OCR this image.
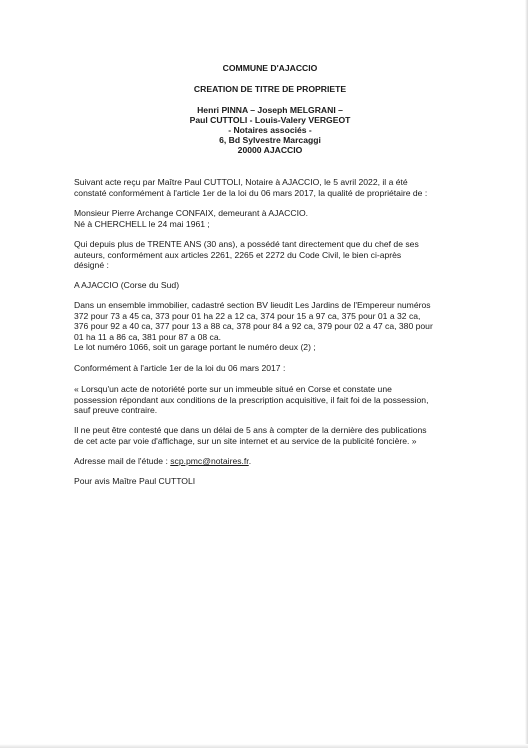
COMMUNE D'AJACCIO
CREATION DE TITRE DE PROPRIETE
Henri PINNA – Joseph MELGRANI –
Paul CUTTOLI - Louis-Valery VERGEOT
- Notaires associés -
6, Bd Sylvestre Marcaggi
20000 AJACCIO
Suivant acte reçu par Maître Paul CUTTOLI, Notaire à AJACCIO, le 5 avril 2022, il a été
constaté conformément à l'article 1er de la loi du 06 mars 2017, la qualité de propriétaire de :
Monsieur Pierre Archange CONFAIX, demeurant à AJACCIO.
Né à CHERCHELL le 24 mai 1961 ;
Qui depuis plus de TRENTE ANS (30 ans), a possédé tant directement que du chef de ses
auteurs, conformément aux articles 2261, 2265 et 2272 du Code Civil, le bien ci-après
désigné :
A AJACCIO (Corse du Sud)
Dans un ensemble immobilier, cadastré section BV lieudit Les Jardins de l'Empereur numéros
372 pour 73 a 45 ca, 373 pour 01 ha 22 a 12 ca, 374 pour 15 a 97 ca, 375 pour 01 a 32 ca,
376 pour 92 a 40 ca, 377 pour 13 a 88 ca, 378 pour 84 a 92 ca, 379 pour 02 a 47 ca, 380 pour
01 ha 11 a 86 ca, 381 pour 87 a 08 ca.
Le lot numéro 1066, soit un garage portant le numéro deux (2) ;
Conformément à l'article 1er de la loi du 06 mars 2017 :
« Lorsqu'un acte de notoriété porte sur un immeuble situé en Corse et constate une
possession répondant aux conditions de la prescription acquisitive, il fait foi de la possession,
sauf preuve contraire.
Il ne peut être contesté que dans un délai de 5 ans à compter de la dernière des publications
de cet acte par voie d'affichage, sur un site internet et au service de la publicité foncière. »
Adresse mail de l'étude : scp.pmc@notaires.fr.
Pour avis Maître Paul CUTTOLI
